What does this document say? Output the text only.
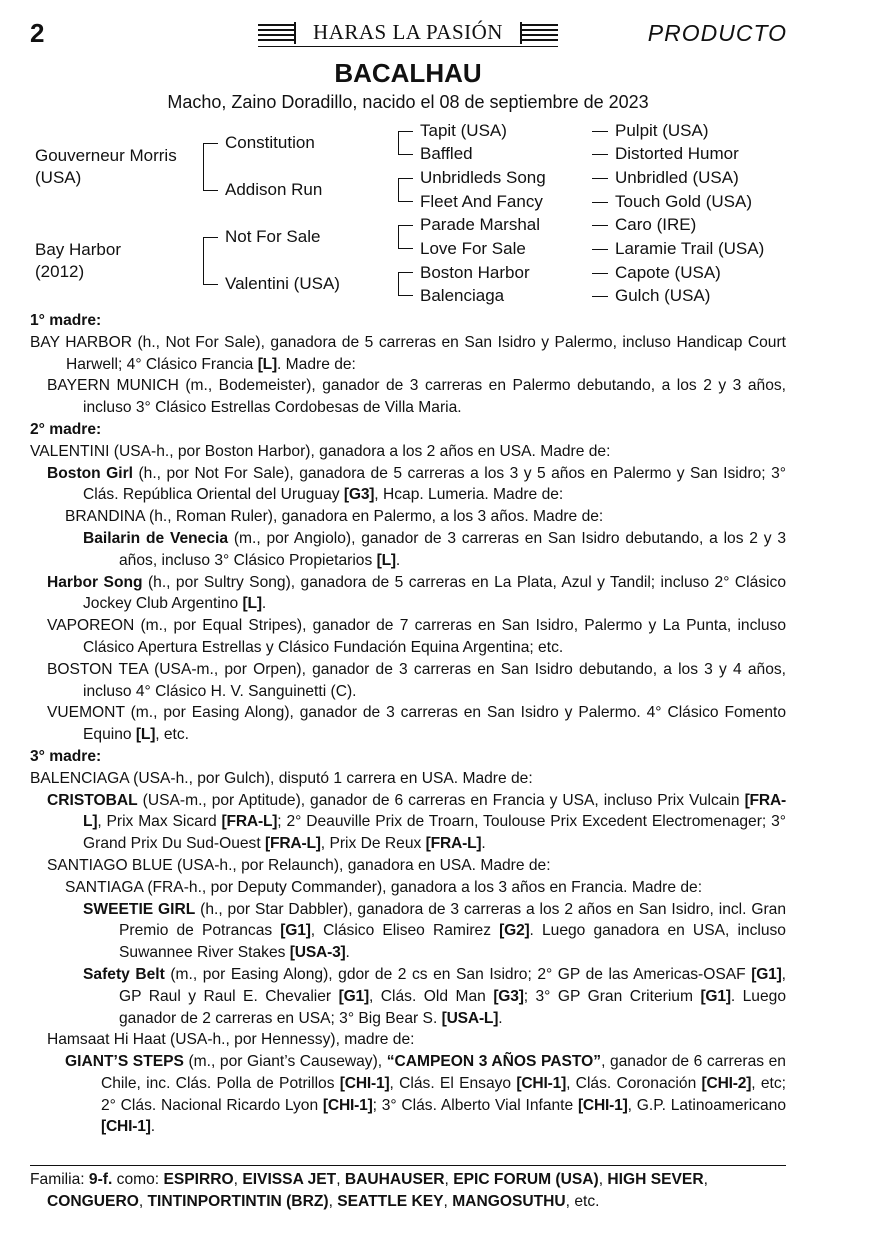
2	HARAS LA PASIÓN	PRODUCTO
BACALHAU
Macho, Zaino Doradillo, nacido el 08 de septiembre de 2023
Gouverneur Morris
(USA)
Bay Harbor
(2012)
Constitution
Addison Run
Not For Sale
Valentini (USA)
Tapit (USA)
Baffled
Unbridleds Song
Fleet And Fancy
Parade Marshal
Love For Sale
Boston Harbor
Balenciaga
Pulpit (USA)
Distorted Humor
Unbridled (USA)
Touch Gold (USA)
Caro (IRE)
Laramie Trail (USA)
Capote (USA)
Gulch (USA)

1° madre:

BAY HARBOR (h., Not For Sale), ganadora de 5 carreras en San Isidro y Palermo, incluso Handicap Court Harwell; 4° Clásico Francia [L]. Madre de:

BAYERN MUNICH (m., Bodemeister), ganador de 3 carreras en Palermo debutando, a los 2 y 3 años, incluso 3° Clásico Estrellas Cordobesas de Villa Maria.

2° madre:

VALENTINI (USA-h., por Boston Harbor), ganadora a los 2 años en USA. Madre de:

Boston Girl (h., por Not For Sale), ganadora de 5 carreras a los 3 y 5 años en Palermo y San Isidro; 3° Clás. República Oriental del Uruguay [G3], Hcap. Lumeria. Madre de:

BRANDINA (h., Roman Ruler), ganadora en Palermo, a los 3 años. Madre de:

Bailarin de Venecia (m., por Angiolo), ganador de 3 carreras en San Isidro debutando, a los 2 y 3 años, incluso 3° Clásico Propietarios [L].

Harbor Song (h., por Sultry Song), ganadora de 5 carreras en La Plata, Azul y Tandil; incluso 2° Clásico Jockey Club Argentino [L].

VAPOREON (m., por Equal Stripes), ganador de 7 carreras en San Isidro, Palermo y La Punta, incluso Clásico Apertura Estrellas y Clásico Fundación Equina Argentina; etc.

BOSTON TEA (USA-m., por Orpen), ganador de 3 carreras en San Isidro debutando, a los 3 y 4 años, incluso 4° Clásico H. V. Sanguinetti (C).

VUEMONT (m., por Easing Along), ganador de 3 carreras en San Isidro y Palermo. 4° Clásico Fomento Equino [L], etc.

3° madre:

BALENCIAGA (USA-h., por Gulch), disputó 1 carrera en USA. Madre de:

CRISTOBAL (USA-m., por Aptitude), ganador de 6 carreras en Francia y USA, incluso Prix Vulcain [FRA-L], Prix Max Sicard [FRA-L]; 2° Deauville Prix de Troarn, Toulouse Prix Excedent Electromenager; 3° Grand Prix Du Sud-Ouest [FRA-L], Prix De Reux [FRA-L].

SANTIAGO BLUE (USA-h., por Relaunch), ganadora en USA. Madre de:

SANTIAGA (FRA-h., por Deputy Commander), ganadora a los 3 años en Francia. Madre de:

SWEETIE GIRL (h., por Star Dabbler), ganadora de 3 carreras a los 2 años en San Isidro, incl. Gran Premio de Potrancas [G1], Clásico Eliseo Ramirez [G2]. Luego ganadora en USA, incluso Suwannee River Stakes [USA-3].

Safety Belt (m., por Easing Along), gdor de 2 cs en San Isidro; 2° GP de las Americas-OSAF [G1], GP Raul y Raul E. Chevalier [G1], Clás. Old Man [G3]; 3° GP Gran Criterium [G1]. Luego ganador de 2 carreras en USA; 3° Big Bear S. [USA-L].

Hamsaat Hi Haat (USA-h., por Hennessy), madre de:

GIANT’S STEPS (m., por Giant’s Causeway), “CAMPEON 3 AÑOS PASTO”, ganador de 6 carreras en Chile, inc. Clás. Polla de Potrillos [CHI-1], Clás. El Ensayo [CHI-1], Clás. Coronación [CHI-2], etc; 2° Clás. Nacional Ricardo Lyon [CHI-1]; 3° Clás. Alberto Vial Infante [CHI-1], G.P. Latinoamericano [CHI-1].

Familia: 9-f. como: ESPIRRO, EIVISSA JET, BAUHAUSER, EPIC FORUM (USA), HIGH SEVER, CONGUERO, TINTINPORTINTIN (BRZ), SEATTLE KEY, MANGOSUTHU, etc.
